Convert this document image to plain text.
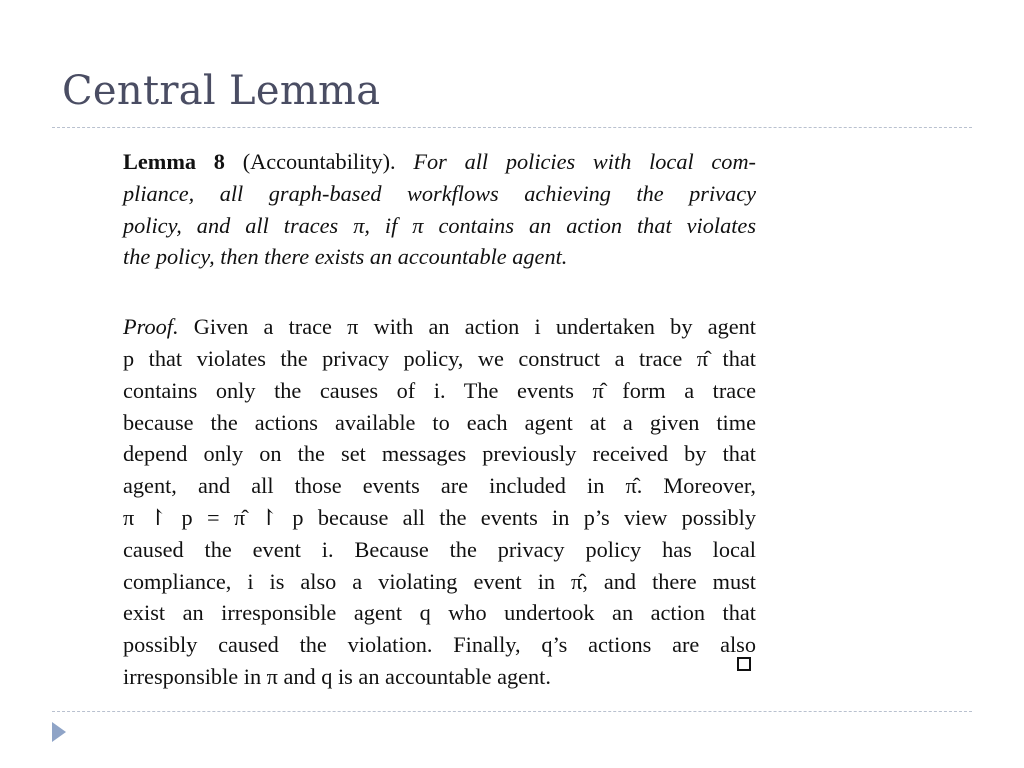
Central Lemma
Lemma 8 (Accountability). For all policies with local com-
pliance, all graph-based workflows achieving the privacy
policy, and all traces π, if π contains an action that violates
the policy, then there exists an accountable agent.
Proof. Given a trace π with an action i undertaken by agent
p that violates the privacy policy, we construct a trace π̂ that
contains only the causes of i. The events π̂ form a trace
because the actions available to each agent at a given time
depend only on the set messages previously received by that
agent, and all those events are included in π̂. Moreover,
π ↾ p = π̂ ↾ p because all the events in p’s view possibly
caused the event i. Because the privacy policy has local
compliance, i is also a violating event in π̂, and there must
exist an irresponsible agent q who undertook an action that
possibly caused the violation. Finally, q’s actions are also
irresponsible in π and q is an accountable agent.
